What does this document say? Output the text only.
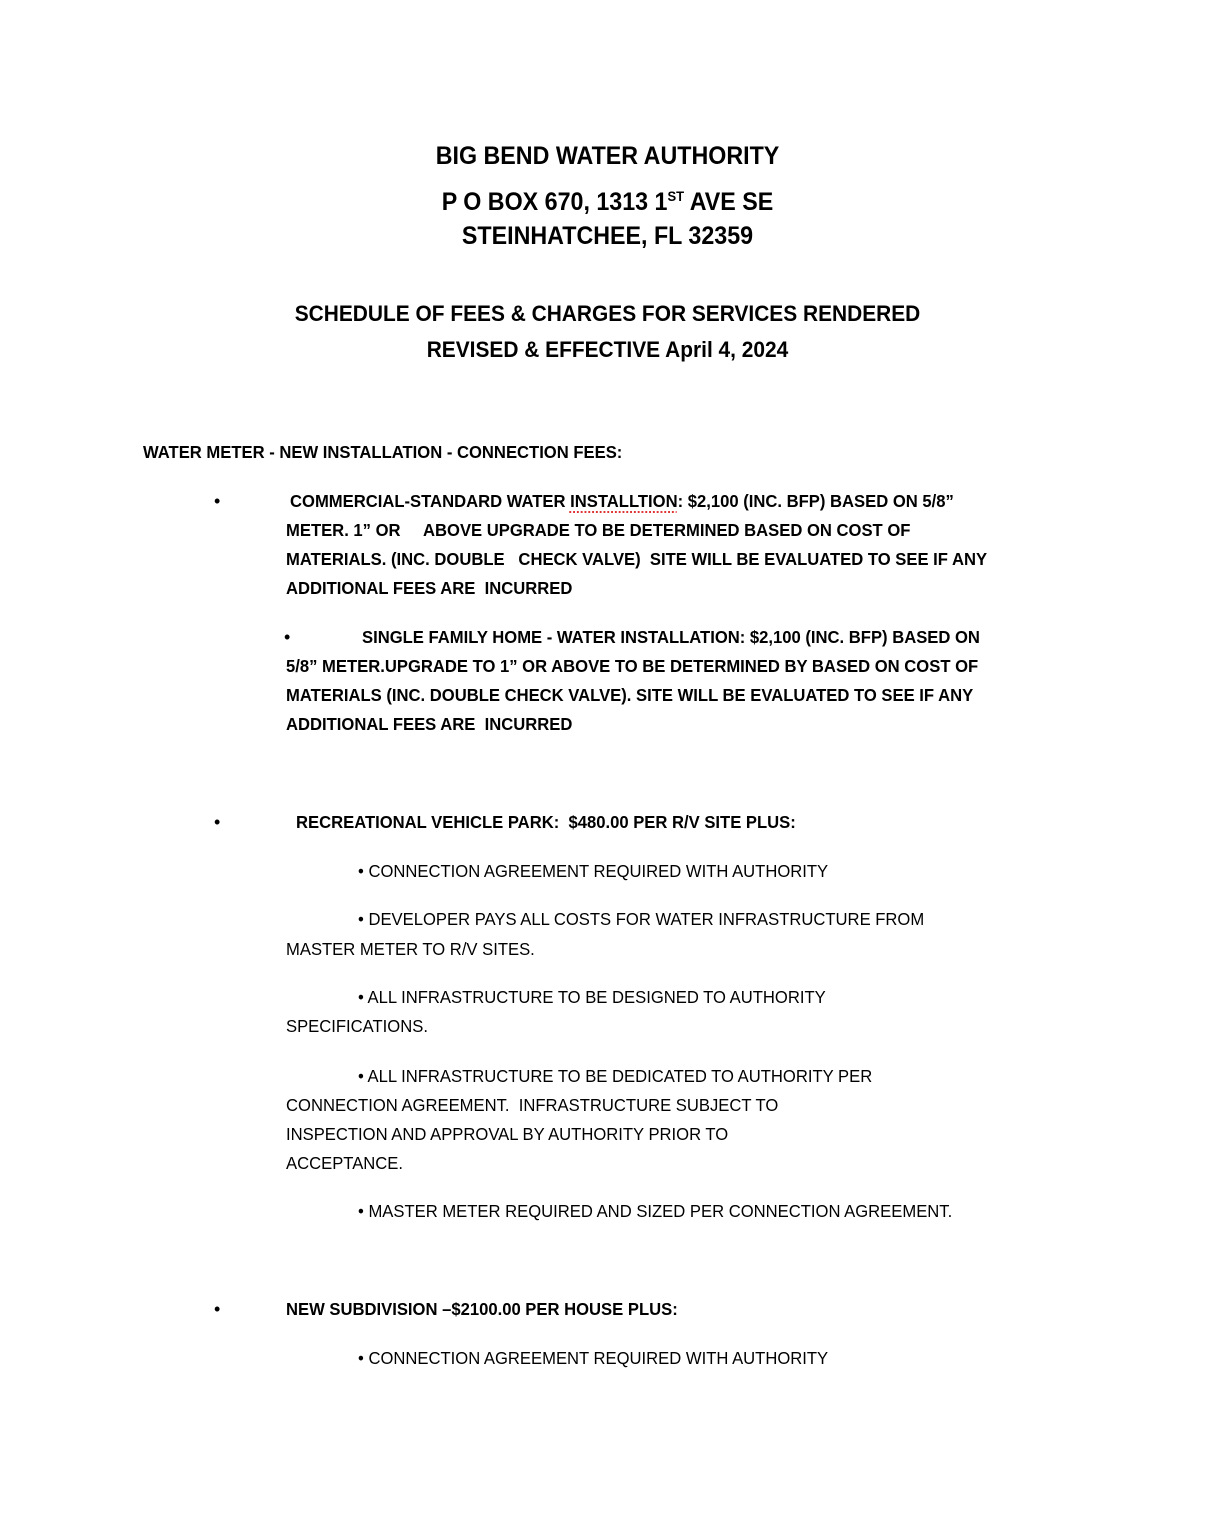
BIG BEND WATER AUTHORITY
P O BOX 670, 1313 1ST AVE SE
STEINHATCHEE, FL 32359
SCHEDULE OF FEES & CHARGES FOR SERVICES RENDERED
REVISED & EFFECTIVE April 4, 2024
WATER METER - NEW INSTALLATION - CONNECTION FEES:
•	COMMERCIAL-STANDARD WATER INSTALLTION: $2,100 (INC. BFP) BASED ON 5/8”
METER. 1” OR     ABOVE UPGRADE TO BE DETERMINED BASED ON COST OF
MATERIALS. (INC. DOUBLE   CHECK VALVE)  SITE WILL BE EVALUATED TO SEE IF ANY
ADDITIONAL FEES ARE  INCURRED
•	SINGLE FAMILY HOME - WATER INSTALLATION: $2,100 (INC. BFP) BASED ON
5/8” METER.UPGRADE TO 1” OR ABOVE TO BE DETERMINED BY BASED ON COST OF
MATERIALS (INC. DOUBLE CHECK VALVE). SITE WILL BE EVALUATED TO SEE IF ANY
ADDITIONAL FEES ARE  INCURRED
•	RECREATIONAL VEHICLE PARK:  $480.00 PER R/V SITE PLUS:
• CONNECTION AGREEMENT REQUIRED WITH AUTHORITY
• DEVELOPER PAYS ALL COSTS FOR WATER INFRASTRUCTURE FROM
MASTER METER TO R/V SITES.
• ALL INFRASTRUCTURE TO BE DESIGNED TO AUTHORITY
SPECIFICATIONS.
• ALL INFRASTRUCTURE TO BE DEDICATED TO AUTHORITY PER
CONNECTION AGREEMENT.  INFRASTRUCTURE SUBJECT TO
INSPECTION AND APPROVAL BY AUTHORITY PRIOR TO
ACCEPTANCE.
• MASTER METER REQUIRED AND SIZED PER CONNECTION AGREEMENT.
•	NEW SUBDIVISION –$2100.00 PER HOUSE PLUS:
• CONNECTION AGREEMENT REQUIRED WITH AUTHORITY
